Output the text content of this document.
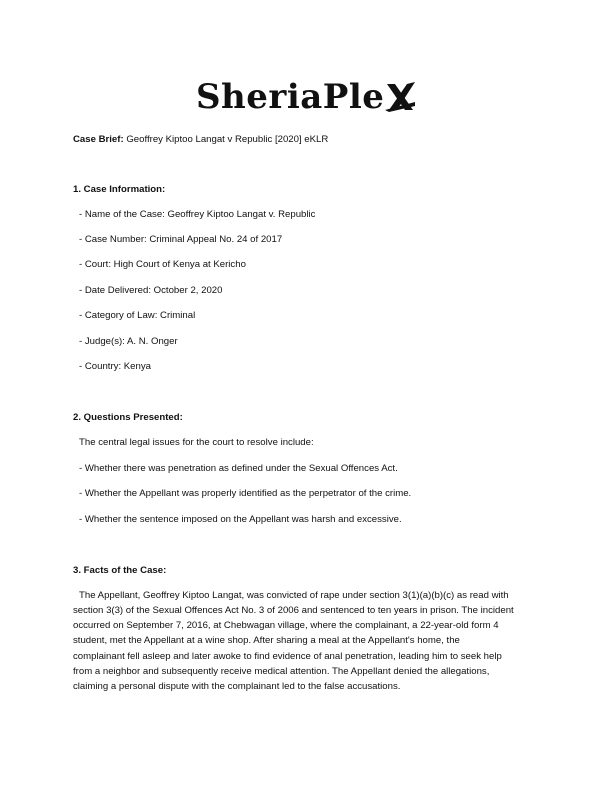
SheriaPle
Case Brief: Geoffrey Kiptoo Langat v Republic [2020] eKLR
1. Case Information:
- Name of the Case: Geoffrey Kiptoo Langat v. Republic
- Case Number: Criminal Appeal No. 24 of 2017
- Court: High Court of Kenya at Kericho
- Date Delivered: October 2, 2020
- Category of Law: Criminal
- Judge(s): A. N. Onger
- Country: Kenya
2. Questions Presented:
The central legal issues for the court to resolve include:
- Whether there was penetration as defined under the Sexual Offences Act.
- Whether the Appellant was properly identified as the perpetrator of the crime.
- Whether the sentence imposed on the Appellant was harsh and excessive.
3. Facts of the Case:
The Appellant, Geoffrey Kiptoo Langat, was convicted of rape under section 3(1)(a)(b)(c) as read with
section 3(3) of the Sexual Offences Act No. 3 of 2006 and sentenced to ten years in prison. The incident
occurred on September 7, 2016, at Chebwagan village, where the complainant, a 22-year-old form 4
student, met the Appellant at a wine shop. After sharing a meal at the Appellant's home, the
complainant fell asleep and later awoke to find evidence of anal penetration, leading him to seek help
from a neighbor and subsequently receive medical attention. The Appellant denied the allegations,
claiming a personal dispute with the complainant led to the false accusations.
